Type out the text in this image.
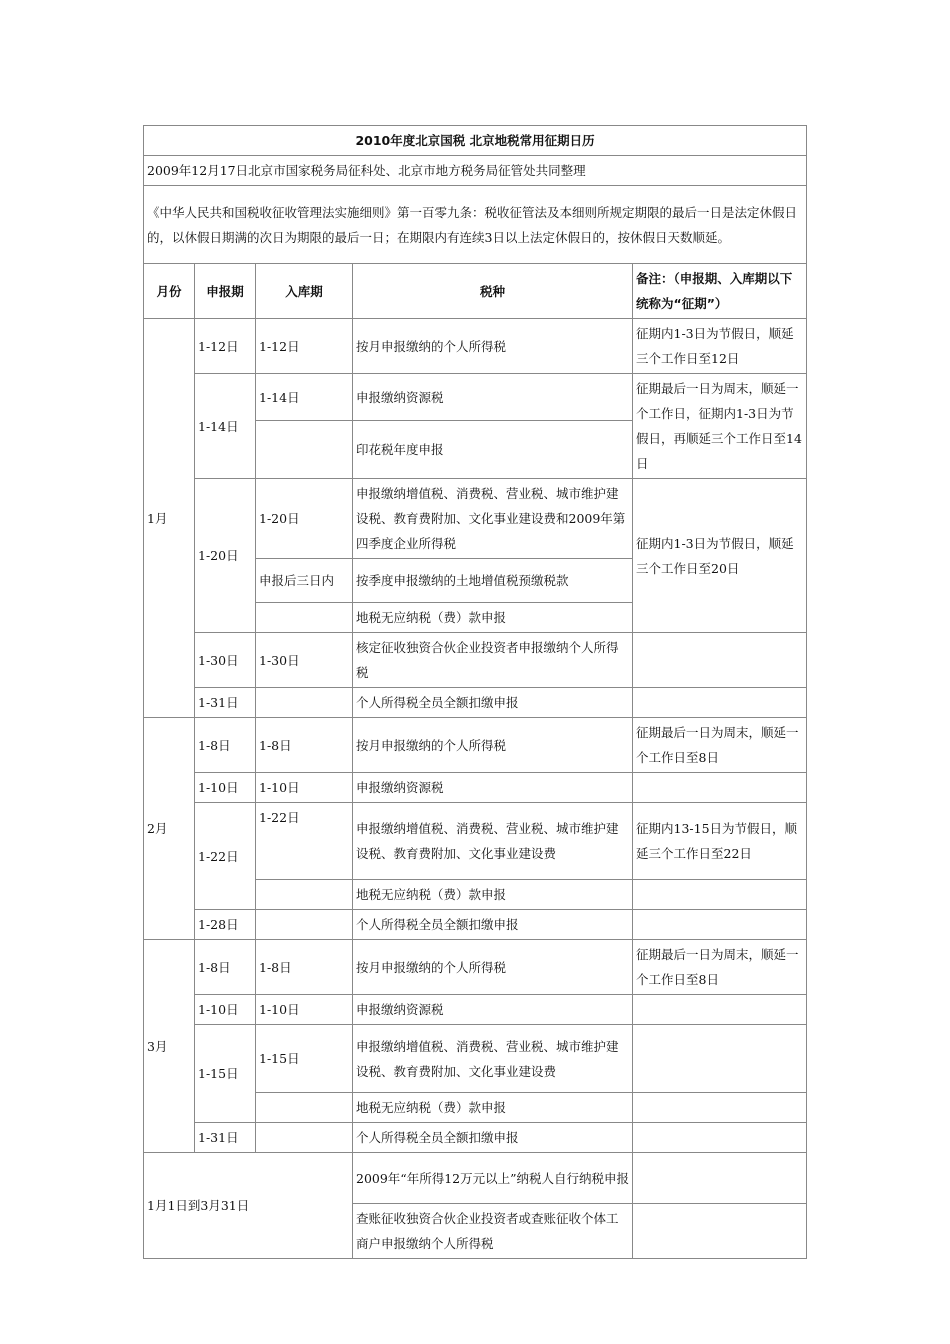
2010年度北京国税 北京地税常用征期日历				
2009年12月17日北京市国家税务局征科处、北京市地方税务局征管处共同整理				
《中华人民共和国税收征收管理法实施细则》第一百零九条：税收征管法及本细则所规定期限的最后一日是法定休假日的，以休假日期满的次日为期限的最后一日；在期限内有连续3日以上法定休假日的，按休假日天数顺延。				
月份	申报期	入库期	税种	备注：（申报期、入库期以下统称为“征期”）
1月	1-12日	1-12日	按月申报缴纳的个人所得税	征期内1-3日为节假日，顺延三个工作日至12日
	1-14日	1-14日	申报缴纳资源税	征期最后一日为周末，顺延一个工作日，征期内1-3日为节假日，再顺延三个工作日至14日
			印花税年度申报	
	1-20日	1-20日	申报缴纳增值税、消费税、营业税、城市维护建设税、教育费附加、文化事业建设费和2009年第四季度企业所得税	征期内1-3日为节假日，顺延三个工作日至20日
		申报后三日内	按季度申报缴纳的土地增值税预缴税款	
			地税无应纳税（费）款申报	
	1-30日	1-30日	核定征收独资合伙企业投资者申报缴纳个人所得税	
	1-31日		个人所得税全员全额扣缴申报	
2月	1-8日	1-8日	按月申报缴纳的个人所得税	征期最后一日为周末，顺延一个工作日至8日
	1-10日	1-10日	申报缴纳资源税	
	1-22日	1-22日	申报缴纳增值税、消费税、营业税、城市维护建设税、教育费附加、文化事业建设费	征期内13-15日为节假日，顺延三个工作日至22日
			地税无应纳税（费）款申报	
	1-28日		个人所得税全员全额扣缴申报	
3月	1-8日	1-8日	按月申报缴纳的个人所得税	征期最后一日为周末，顺延一个工作日至8日
	1-10日	1-10日	申报缴纳资源税	
	1-15日	1-15日	申报缴纳增值税、消费税、营业税、城市维护建设税、教育费附加、文化事业建设费	
			地税无应纳税（费）款申报	
	1-31日		个人所得税全员全额扣缴申报	
1月1日到3月31日			2009年“年所得12万元以上”纳税人自行纳税申报	
			查账征收独资合伙企业投资者或查账征收个体工商户申报缴纳个人所得税	
